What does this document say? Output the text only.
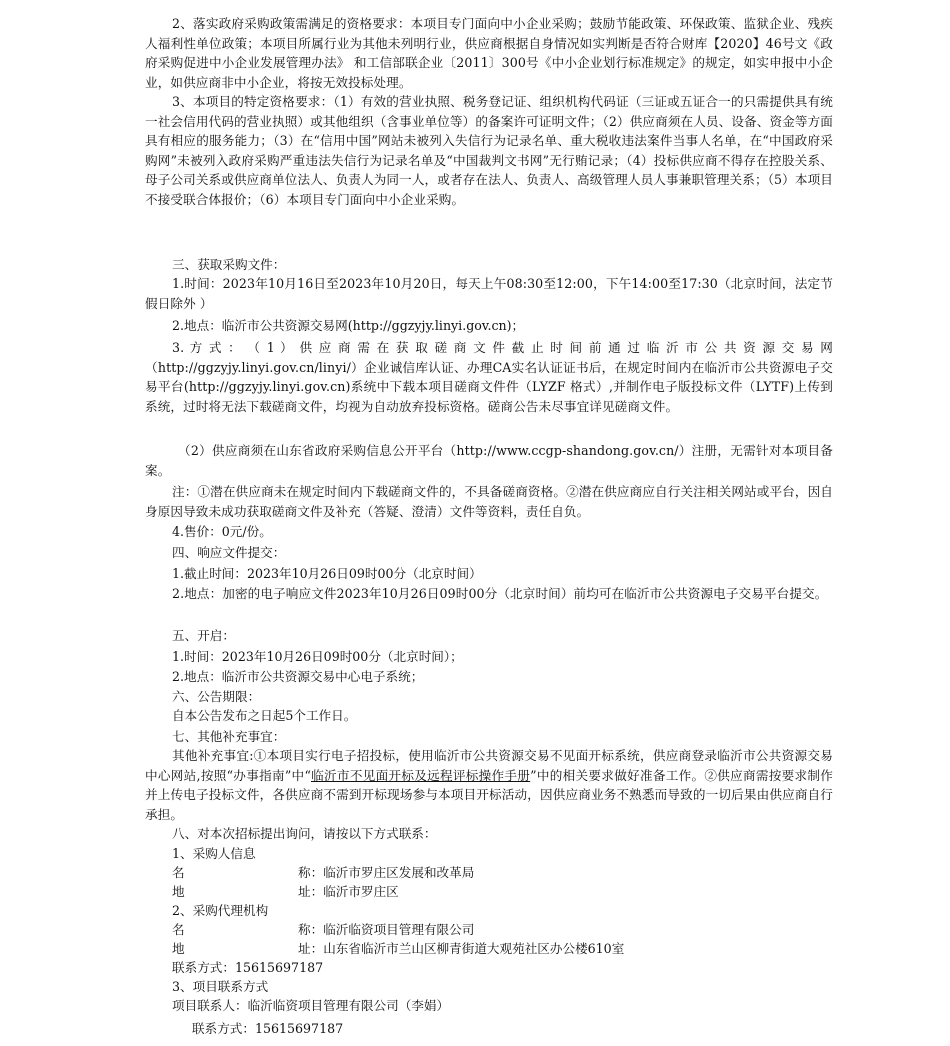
2、落实政府采购政策需满足的资格要求：本项目专门面向中小企业采购；鼓励节能政策、环保政策、监狱企业、残疾人福利性单位政策；本项目所属行业为其他未列明行业，供应商根据自身情况如实判断是否符合财库【2020】46号文《政府采购促进中小企业发展管理办法》 和工信部联企业〔2011〕300号《中小企业划行标准规定》的规定，如实申报中小企业，如供应商非中小企业，将按无效投标处理。

3、本项目的特定资格要求：（1）有效的营业执照、税务登记证、组织机构代码证（三证或五证合一的只需提供具有统一社会信用代码的营业执照）或其他组织（含事业单位等）的备案许可证明文件；（2）供应商须在人员、设备、资金等方面具有相应的服务能力；（3）在“信用中国”网站未被列入失信行为记录名单、重大税收违法案件当事人名单，在“中国政府采购网”未被列入政府采购严重违法失信行为记录名单及“中国裁判文书网”无行贿记录；（4）投标供应商不得存在控股关系、母子公司关系或供应商单位法人、负责人为同一人，或者存在法人、负责人、高级管理人员人事兼职管理关系；（5）本项目不接受联合体报价；（6）本项目专门面向中小企业采购。

三、获取采购文件：

1.时间：2023年10月16日至2023年10月20日，每天上午08:30至12:00，下午14:00至17:30（北京时间，法定节假日除外 ）

2.地点：临沂市公共资源交易网(http://ggzyjy.linyi.gov.cn)；

3. 方 式 ： （ 1 ） 供 应 商 需 在 获 取 磋 商 文 件 截 止 时 间 前 通 过 临 沂 市 公 共 资 源 交 易 网 （http://ggzyjy.linyi.gov.cn/linyi/）企业诚信库认证、办理CA实名认证证书后，在规定时间内在临沂市公共资源电子交易平台(http://ggzyjy.linyi.gov.cn)系统中下载本项目磋商文件件（LYZF 格式）,并制作电子版投标文件（LYTF)上传到系统，过时将无法下载磋商文件，均视为自动放弃投标资格。磋商公告未尽事宜详见磋商文件。

（2）供应商须在山东省政府采购信息公开平台（http://www.ccgp-shandong.gov.cn/）注册，无需针对本项目备案。

注：①潜在供应商未在规定时间内下载磋商文件的，不具备磋商资格。②潜在供应商应自行关注相关网站或平台，因自身原因导致未成功获取磋商文件及补充（答疑、澄清）文件等资料，责任自负。

4.售价：0元/份。

四、响应文件提交：

1.截止时间：2023年10月26日09时00分（北京时间）

2.地点：加密的电子响应文件2023年10月26日09时00分（北京时间）前均可在临沂市公共资源电子交易平台提交。

五、开启：

1.时间：2023年10月26日09时00分（北京时间）；

2.地点：临沂市公共资源交易中心电子系统；

六、公告期限：

自本公告发布之日起5个工作日。

七、其他补充事宜：

其他补充事宜:①本项目实行电子招投标，使用临沂市公共资源交易不见面开标系统，供应商登录临沂市公共资源交易中心网站,按照“办事指南”中“临沂市不见面开标及远程评标操作手册”中的相关要求做好准备工作。②供应商需按要求制作并上传电子投标文件，各供应商不需到开标现场参与本项目开标活动，因供应商业务不熟悉而导致的一切后果由供应商自行承担。

八、对本次招标提出询问，请按以下方式联系：

1、采购人信息

名	称：临沂市罗庄区发展和改革局
地	址：临沂市罗庄区

2、采购代理机构

名	称：临沂临资项目管理有限公司
地	址：山东省临沂市兰山区柳青街道大观苑社区办公楼610室

联系方式：15615697187

3、项目联系方式

项目联系人：临沂临资项目管理有限公司（李娟）

联系方式：15615697187
